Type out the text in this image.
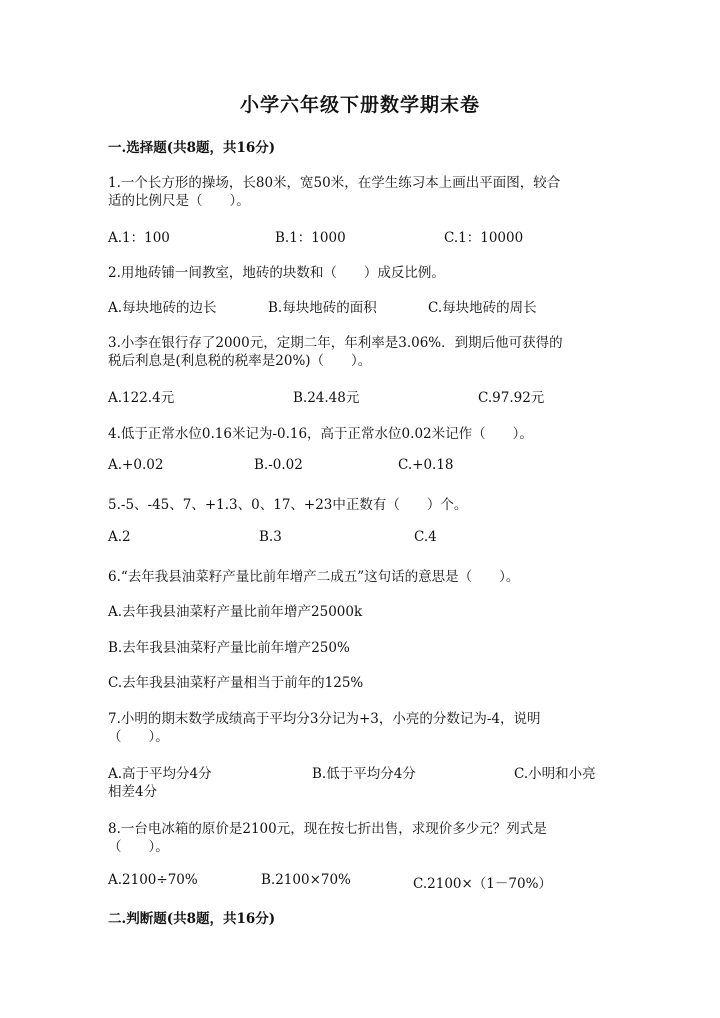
小学六年级下册数学期末卷
一.选择题(共8题，共16分)
1.一个长方形的操场，长80米，宽50米，在学生练习本上画出平面图，较合
适的比例尺是（　　）。
A.1：100	B.1：1000	C.1：10000
2.用地砖铺一间教室，地砖的块数和（　　）成反比例。
A.每块地砖的边长	B.每块地砖的面积	C.每块地砖的周长
3.小李在银行存了2000元，定期二年，年利率是3.06%．到期后他可获得的
税后利息是(利息税的税率是20%)（　　）。
A.122.4元	B.24.48元	C.97.92元
4.低于正常水位0.16米记为-0.16，高于正常水位0.02米记作（　　）。
A.+0.02	B.-0.02	C.+0.18
5.-5、-45、7、+1.3、0、17、+23中正数有（　　）个。
A.2	B.3	C.4
6.“去年我县油菜籽产量比前年增产二成五”这句话的意思是（　　）。
A.去年我县油菜籽产量比前年增产25000k
B.去年我县油菜籽产量比前年增产250%
C.去年我县油菜籽产量相当于前年的125%
7.小明的期末数学成绩高于平均分3分记为+3，小亮的分数记为-4，说明
（　　）。
A.高于平均分4分	B.低于平均分4分	C.小明和小亮
相差4分
8.一台电冰箱的原价是2100元，现在按七折出售，求现价多少元？列式是
（　　）。
A.2100÷70%	B.2100×70%	C.2100×（1－70%）
二.判断题(共8题，共16分)
